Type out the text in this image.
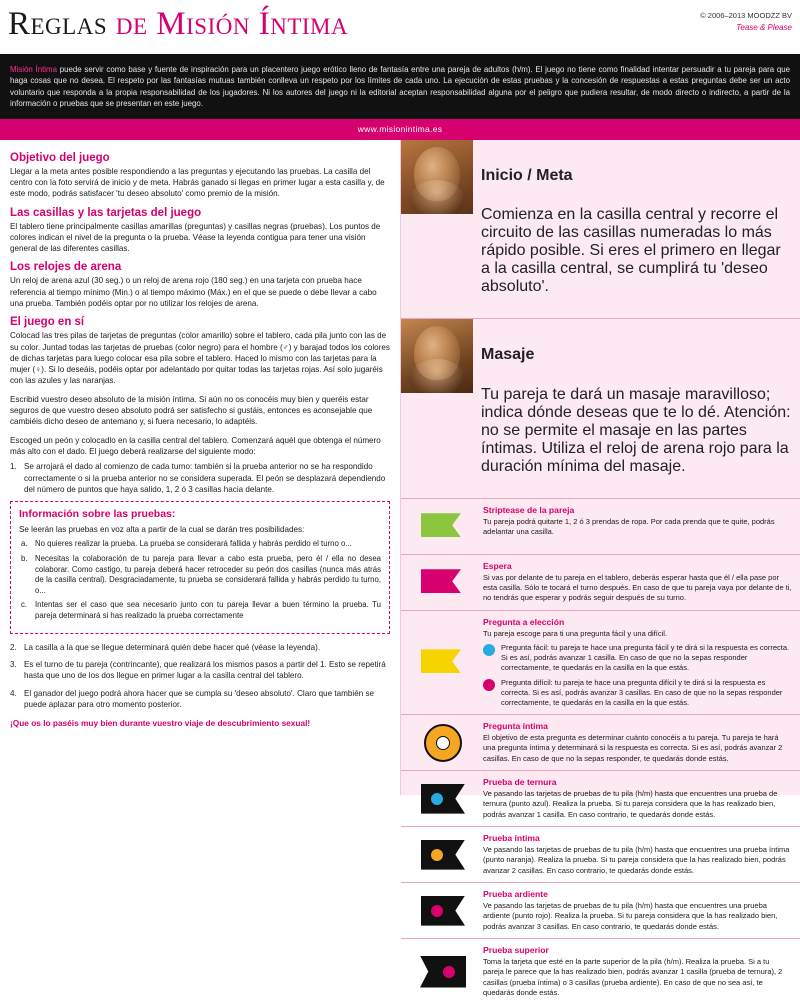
Reglas de Misión Íntima	© 2006–2013 MOODZZ BV
Tease & Please
Misión Íntima puede servir como base y fuente de inspiración para un placentero juego erótico lleno de fantasía entre una pareja de adultos (h/m). El juego no tiene como finalidad intentar persuadir a tu pareja para que haga cosas que no desea. El respeto por las fantasías mutuas también conlleva un respeto por los límites de cada uno. La ejecución de estas pruebas y la concesión de respuestas a estas preguntas debe ser un acto voluntario que responda a la propia responsabilidad de los jugadores. Ni los autores del juego ni la editorial aceptan responsabilidad alguna por el peligro que pudiera resultar, de modo directo o indirecto, a partir de la información o pruebas que se presentan en este juego.
www.misionintima.es
Objetivo del juego

Llegar a la meta antes posible respondiendo a las preguntas y ejecutando las pruebas. La casilla del centro con la foto servirá de inicio y de meta. Habrás ganado si llegas en primer lugar a esta casilla y, de este modo, podrás satisfacer 'tu deseo absoluto' como premio de la misión.

Las casillas y las tarjetas del juego

El tablero tiene principalmente casillas amarillas (preguntas) y casillas negras (pruebas). Los puntos de colores indican el nivel de la pregunta o la prueba. Véase la leyenda contigua para tener una visión general de las diferentes casillas.

Los relojes de arena

Un reloj de arena azul (30 seg.) o un reloj de arena rojo (180 seg.) en una tarjeta con prueba hace referencia al tiempo mínimo (Min.) o al tiempo máximo (Máx.) en el que se puede o debe llevar a cabo una prueba. También podéis optar por no utilizar los relojes de arena.

El juego en sí

Colocad las tres pilas de tarjetas de preguntas (color amarillo) sobre el tablero, cada pila junto con las de su color. Juntad todas las tarjetas de pruebas (color negro) para el hombre (♂) y barajad todos los colores de dichas tarjetas para luego colocar esa pila sobre el tablero. Haced lo mismo con las tarjetas para la mujer (♀). Si lo deseáis, podéis optar por adelantado por quitar todas las tarjetas rojas. Así solo jugaréis con las azules y las naranjas.

Escribid vuestro deseo absoluto de la misión íntima. Si aún no os conocéis muy bien y queréis estar seguros de que vuestro deseo absoluto podrá ser satisfecho si gustáis, entonces es aconsejable que cambiéis dicho deseo de antemano y, si fuera necesario, lo adaptéis.

Escoged un peón y colocadlo en la casilla central del tablero. Comenzará aquél que obtenga el número más alto con el dado. El juego deberá realizarse del siguiente modo:

1. Se arrojará el dado al comienzo de cada turno: también si la prueba anterior no se ha respondido correctamente o si la prueba anterior no se considera superada. El peón se desplazará dependiendo del número de puntos que haya salido, 1, 2 ó 3 casillas hacia delante.
Información sobre las pruebas:

Se leerán las pruebas en voz alta a partir de la cual se darán tres posibilidades:

a. No quieres realizar la prueba. La prueba se considerará fallida y habrás perdido el turno o...
b. Necesitas la colaboración de tu pareja para llevar a cabo esta prueba, pero él / ella no desea colaborar. Como castigo, tu pareja deberá hacer retroceder su peón dos casillas (nunca más atrás de la casilla central). Desgraciadamente, tu prueba se considerará fallida y habrás perdido tu turno, o...
c. Intentas ser el caso que sea necesario junto con tu pareja llevar a buen término la prueba. Tu pareja determinará si has realizado la prueba correctamente
2. La casilla a la que se llegue determinará quién debe hacer qué (véase la leyenda).
3. Es el turno de tu pareja (contrincante), que realizará los mismos pasos a partir del 1. Esto se repetirá hasta que uno de los dos llegue en primer lugar a la casilla central del tablero.
4. El ganador del juego podrá ahora hacer que se cumpla su 'deseo absoluto'. Claro que también se puede aplazar para otro momento posterior.
¡Que os lo paséis muy bien durante vuestro viaje de descubrimiento sexual!
Inicio / Meta

Comienza en la casilla central y recorre el circuito de las casillas numeradas lo más rápido posible. Si eres el primero en llegar a la casilla central, se cumplirá tu 'deseo absoluto'.

Masaje

Tu pareja te dará un masaje maravilloso; indica dónde deseas que te lo dé. Atención: no se permite el masaje en las partes íntimas. Utiliza el reloj de arena rojo para la duración mínima del masaje.

Striptease de la pareja

Tu pareja podrá quitarte 1, 2 ó 3 prendas de ropa. Por cada prenda que te quite, podrás adelantar una casilla.

Espera

Si vas por delante de tu pareja en el tablero, deberás esperar hasta que él / ella pase por esta casilla. Sólo te tocará el turno después. En caso de que tu pareja vaya por delante de ti, no tendrás que esperar y podrás seguir después de su turno.

Pregunta a elección

Tu pareja escoge para ti una pregunta fácil y una difícil.

Pregunta fácil: tu pareja te hace una pregunta fácil y te dirá si la respuesta es correcta. Si es así, podrás avanzar 1 casilla. En caso de que no la sepas responder correctamente, te quedarás en la casilla en la que estás.

Pregunta difícil: tu pareja te hace una pregunta difícil y te dirá si la respuesta es correcta. Si es así, podrás avanzar 3 casillas. En caso de que no la sepas responder correctamente, te quedarás en la casilla en la que estás.

Pregunta íntima

El objetivo de esta pregunta es determinar cuánto conocéis a tu pareja. Tu pareja te hará una pregunta íntima y determinará si la respuesta es correcta. Si es así, podrás avanzar 2 casillas. En caso de que no la sepas responder, te quedarás donde estás.

Prueba de ternura

Ve pasando las tarjetas de pruebas de tu pila (h/m) hasta que encuentres una prueba de ternura (punto azul). Realiza la prueba. Si tu pareja considera que la has realizado bien, podrás avanzar 1 casilla. En caso contrario, te quedarás donde estás.

Prueba íntima

Ve pasando las tarjetas de pruebas de tu pila (h/m) hasta que encuentres una prueba íntima (punto naranja). Realiza la prueba. Si tu pareja considera que la has realizado bien, podrás avanzar 2 casillas. En caso contrario, te quedarás donde estás.

Prueba ardiente

Ve pasando las tarjetas de pruebas de tu pila (h/m) hasta que encuentres una prueba ardiente (punto rojo). Realiza la prueba. Si tu pareja considera que la has realizado bien, podrás avanzar 3 casillas. En caso contrario, te quedarás donde estás.

Prueba superior

Toma la tarjeta que esté en la parte superior de la pila (h/m). Realiza la prueba. Si a tu pareja le parece que la has realizado bien, podrás avanzar 1 casilla (prueba de ternura), 2 casillas (prueba íntima) o 3 casillas (prueba ardiente). En caso de que no sea así, te quedarás donde estás.
